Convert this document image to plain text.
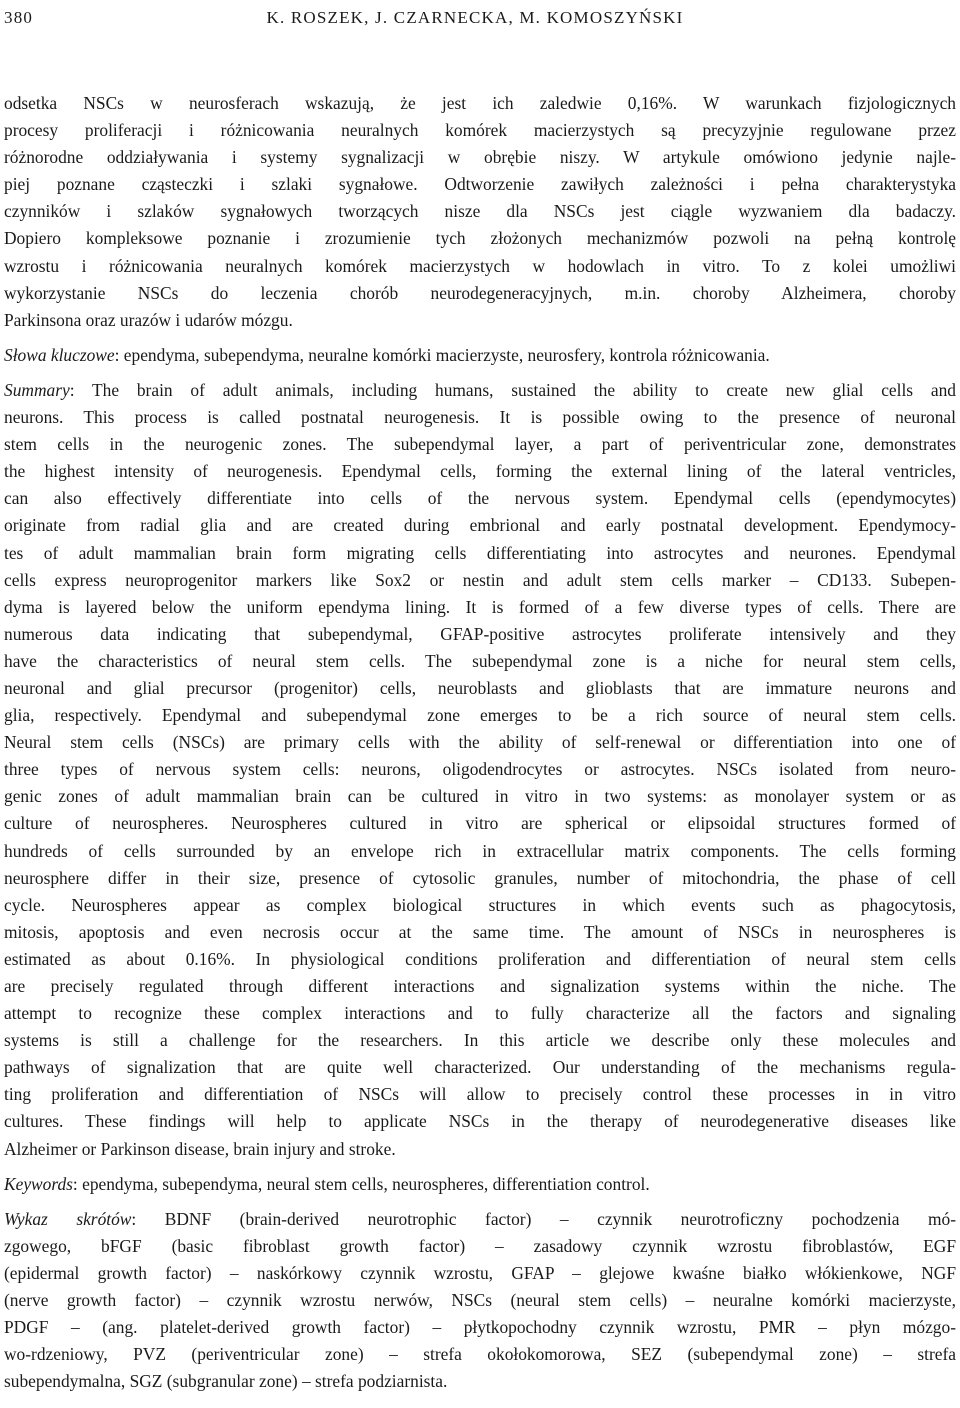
380	K. ROSZEK, J. CZARNECKA, M. KOMOSZYŃSKI

odsetka NSCs w neurosferach wskazują, że jest ich zaledwie 0,16%. W warunkach fizjologicznych
procesy proliferacji i różnicowania neuralnych komórek macierzystych są precyzyjnie regulowane przez
różnorodne oddziaływania i systemy sygnalizacji w obrębie niszy. W artykule omówiono jedynie najle-
piej poznane cząsteczki i szlaki sygnałowe. Odtworzenie zawiłych zależności i pełna charakterystyka
czynników i szlaków sygnałowych tworzących nisze dla NSCs jest ciągle wyzwaniem dla badaczy.
Dopiero kompleksowe poznanie i zrozumienie tych złożonych mechanizmów pozwoli na pełną kontrolę
wzrostu i różnicowania neuralnych komórek macierzystych w hodowlach in vitro. To z kolei umożliwi
wykorzystanie NSCs do leczenia chorób neurodegeneracyjnych, m.in. choroby Alzheimera, choroby
Parkinsona oraz urazów i udarów mózgu.

Słowa kluczowe: ependyma, subependyma, neuralne komórki macierzyste, neurosfery, kontrola różnicowania.

Summary: The brain of adult animals, including humans, sustained the ability to create new glial cells and
neurons. This process is called postnatal neurogenesis. It is possible owing to the presence of neuronal
stem cells in the neurogenic zones. The subependymal layer, a part of periventricular zone, demonstrates
the highest intensity of neurogenesis. Ependymal cells, forming the external lining of the lateral ventricles,
can also effectively differentiate into cells of the nervous system. Ependymal cells (ependymocytes)
originate from radial glia and are created during embrional and early postnatal development. Ependymocy-
tes of adult mammalian brain form migrating cells differentiating into astrocytes and neurones. Ependymal
cells express neuroprogenitor markers like Sox2 or nestin and adult stem cells marker – CD133. Subepen-
dyma is layered below the uniform ependyma lining. It is formed of a few diverse types of cells. There are
numerous data indicating that subependymal, GFAP-positive astrocytes proliferate intensively and they
have the characteristics of neural stem cells. The subependymal zone is a niche for neural stem cells,
neuronal and glial precursor (progenitor) cells, neuroblasts and glioblasts that are immature neurons and
glia, respectively. Ependymal and subependymal zone emerges to be a rich source of neural stem cells.
Neural stem cells (NSCs) are primary cells with the ability of self-renewal or differentiation into one of
three types of nervous system cells: neurons, oligodendrocytes or astrocytes. NSCs isolated from neuro-
genic zones of adult mammalian brain can be cultured in vitro in two systems: as monolayer system or as
culture of neurospheres. Neurospheres cultured in vitro are spherical or elipsoidal structures formed of
hundreds of cells surrounded by an envelope rich in extracellular matrix components. The cells forming
neurosphere differ in their size, presence of cytosolic granules, number of mitochondria, the phase of cell
cycle. Neurospheres appear as complex biological structures in which events such as phagocytosis,
mitosis, apoptosis and even necrosis occur at the same time. The amount of NSCs in neurospheres is
estimated as about 0.16%. In physiological conditions proliferation and differentiation of neural stem cells
are precisely regulated through different interactions and signalization systems within the niche. The
attempt to recognize these complex interactions and to fully characterize all the factors and signaling
systems is still a challenge for the researchers. In this article we describe only these molecules and
pathways of signalization that are quite well characterized. Our understanding of the mechanisms regula-
ting proliferation and differentiation of NSCs will allow to precisely control these processes in in vitro
cultures. These findings will help to applicate NSCs in the therapy of neurodegenerative diseases like
Alzheimer or Parkinson disease, brain injury and stroke.

Keywords: ependyma, subependyma, neural stem cells, neurospheres, differentiation control.

Wykaz skrótów: BDNF (brain-derived neurotrophic factor) – czynnik neurotroficzny pochodzenia mó-
zgowego, bFGF (basic fibroblast growth factor) – zasadowy czynnik wzrostu fibroblastów, EGF
(epidermal growth factor) – naskórkowy czynnik wzrostu, GFAP – glejowe kwaśne białko włókienkowe, NGF
(nerve growth factor) – czynnik wzrostu nerwów, NSCs (neural stem cells) – neuralne komórki macierzyste,
PDGF – (ang. platelet-derived growth factor) – płytkopochodny czynnik wzrostu, PMR – płyn mózgo-
wo-rdzeniowy, PVZ (periventricular zone) – strefa okołokomorowa, SEZ (subependymal zone) – strefa
subependymalna, SGZ (subgranular zone) – strefa podziarnista.
